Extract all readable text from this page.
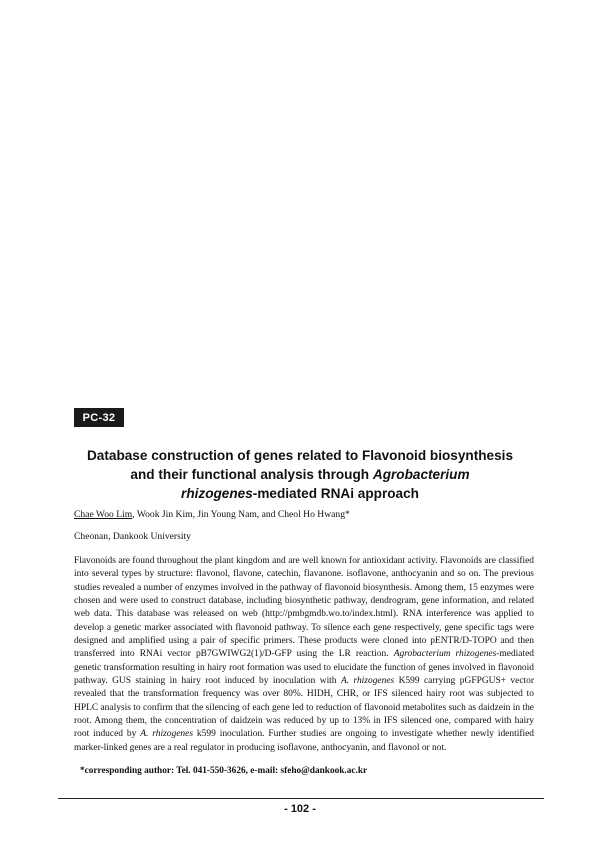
PC-32
Database construction of genes related to Flavonoid biosynthesis
and their functional analysis through Agrobacterium
rhizogenes-mediated RNAi approach
Chae Woo Lim, Wook Jin Kim, Jin Young Nam, and Cheol Ho Hwang*
Cheonan, Dankook University

Flavonoids are found throughout the plant kingdom and are well known for antioxidant activity. Flavonoids are classified into several types by structure: flavonol, flavone, catechin, flavanone. isoflavone, anthocyanin and so on. The previous studies revealed a number of enzymes involved in the pathway of flavonoid biosynthesis. Among them, 15 enzymes were chosen and were used to construct database, including biosynthetic pathway, dendrogram, gene information, and related web data. This database was released on web (http://pmbgmdb.wo.to/index.html). RNA interference was applied to develop a genetic marker associated with flavonoid pathway. To silence each gene respectively, gene specific tags were designed and amplified using a pair of specific primers. These products were cloned into pENTR/D-TOPO and then transferred into RNAi vector pB7GWIWG2(1)/D-GFP using the LR reaction. Agrobacterium rhizogenes-mediated genetic transformation resulting in hairy root formation was used to elucidate the function of genes involved in flavonoid pathway. GUS staining in hairy root induced by inoculation with A. rhizogenes K599 carrying pGFPGUS+ vector revealed that the transformation frequency was over 80%. HIDH, CHR, or IFS silenced hairy root was subjected to HPLC analysis to confirm that the silencing of each gene led to reduction of flavonoid metabolites such as daidzein in the root. Among them, the concentration of daidzein was reduced by up to 13% in IFS silenced one, compared with hairy root induced by A. rhizogenes k599 inoculation. Further studies are ongoing to investigate whether newly identified marker-linked genes are a real regulator in producing isoflavone, anthocyanin, and flavonol or not.

*corresponding author: Tel. 041-550-3626, e-mail: sfeho@dankook.ac.kr
- 102 -
